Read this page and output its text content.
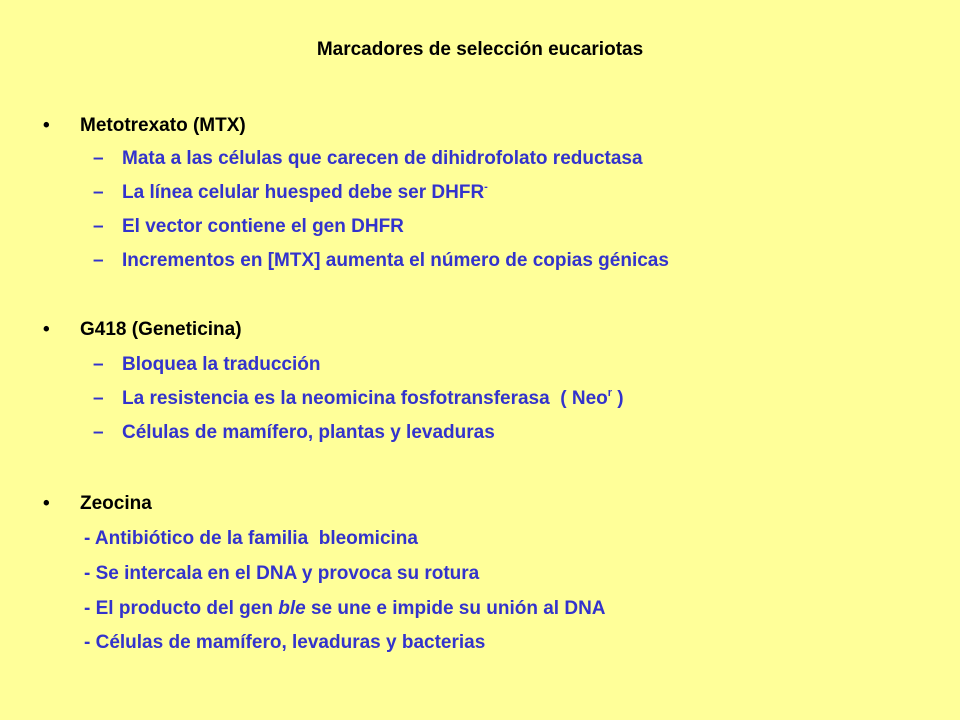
Marcadores de selección eucariotas
• Metotrexato (MTX)
– Mata a las células que carecen de dihidrofolato reductasa
– La línea celular huesped debe ser DHFR-
– El vector contiene el gen DHFR
– Incrementos en [MTX] aumenta el número de copias génicas
• G418 (Geneticina)
– Bloquea la traducción
– La resistencia es la neomicina fosfotransferasa  ( Neo$^r$ )
– Células de mamífero, plantas y levaduras
• Zeocina
- Antibiótico de la familia  bleomicina
- Se intercala en el DNA y provoca su rotura
- El producto del gen ble se une e impide su unión al DNA
- Células de mamífero, levaduras y bacterias
